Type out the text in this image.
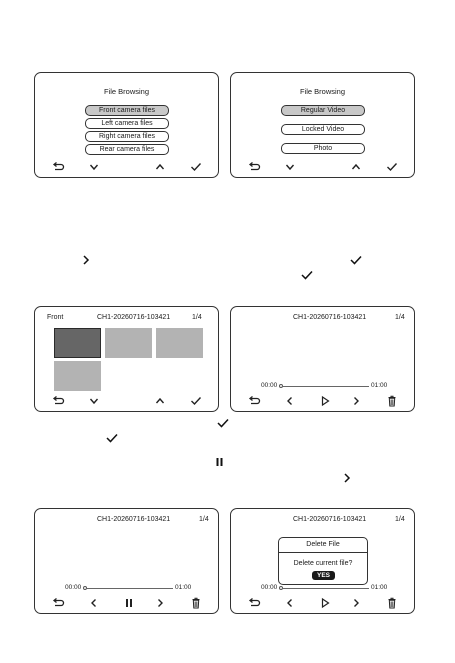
File Browsing
Front camera files
Left camera files
Right camera files
Rear camera files
File Browsing
Regular Video
Locked Video
Photo
Front	CH1-20260716-103421	1/4	CH1-20260716-103421	1/4
00:00	01:00
CH1-20260716-103421	1/4
00:00	01:00
CH1-20260716-103421	1/4
00:00	01:00
Delete File
Delete current file?
YES
